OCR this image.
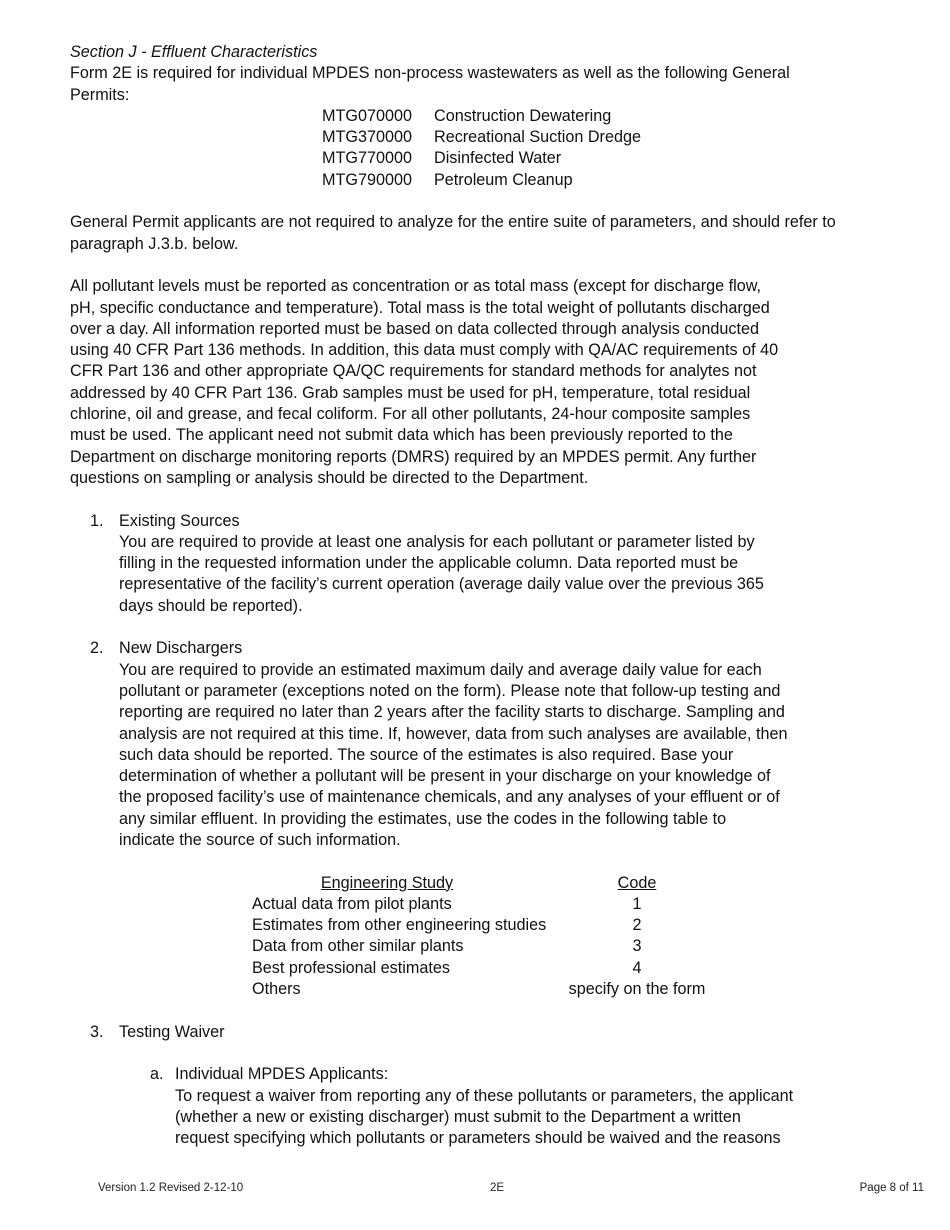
Section J - Effluent Characteristics
Form 2E is required for individual MPDES non-process wastewaters as well as the following General
Permits:
MTG070000	Construction Dewatering
MTG370000	Recreational Suction Dredge
MTG770000	Disinfected Water
MTG790000	Petroleum Cleanup
General Permit applicants are not required to analyze for the entire suite of parameters, and should refer to
paragraph J.3.b. below.
All pollutant levels must be reported as concentration or as total mass (except for discharge flow,
pH, specific conductance and temperature). Total mass is the total weight of pollutants discharged
over a day. All information reported must be based on data collected through analysis conducted
using 40 CFR Part 136 methods. In addition, this data must comply with QA/AC requirements of 40
CFR Part 136 and other appropriate QA/QC requirements for standard methods for analytes not
addressed by 40 CFR Part 136. Grab samples must be used for pH, temperature, total residual
chlorine, oil and grease, and fecal coliform. For all other pollutants, 24-hour composite samples
must be used. The applicant need not submit data which has been previously reported to the
Department on discharge monitoring reports (DMRS) required by an MPDES permit. Any further
questions on sampling or analysis should be directed to the Department.
1. Existing Sources
You are required to provide at least one analysis for each pollutant or parameter listed by
filling in the requested information under the applicable column. Data reported must be
representative of the facility’s current operation (average daily value over the previous 365
days should be reported).
2. New Dischargers
You are required to provide an estimated maximum daily and average daily value for each
pollutant or parameter (exceptions noted on the form). Please note that follow-up testing and
reporting are required no later than 2 years after the facility starts to discharge. Sampling and
analysis are not required at this time. If, however, data from such analyses are available, then
such data should be reported. The source of the estimates is also required. Base your
determination of whether a pollutant will be present in your discharge on your knowledge of
the proposed facility’s use of maintenance chemicals, and any analyses of your effluent or of
any similar effluent. In providing the estimates, use the codes in the following table to
indicate the source of such information.
Engineering Study	Code
Actual data from pilot plants	1
Estimates from other engineering studies	2
Data from other similar plants	3
Best professional estimates	4
Others	specify on the form
3. Testing Waiver
a. Individual MPDES Applicants:
To request a waiver from reporting any of these pollutants or parameters, the applicant
(whether a new or existing discharger) must submit to the Department a written
request specifying which pollutants or parameters should be waived and the reasons
Version 1.2 Revised 2-12-10	2E	Page 8 of 11
